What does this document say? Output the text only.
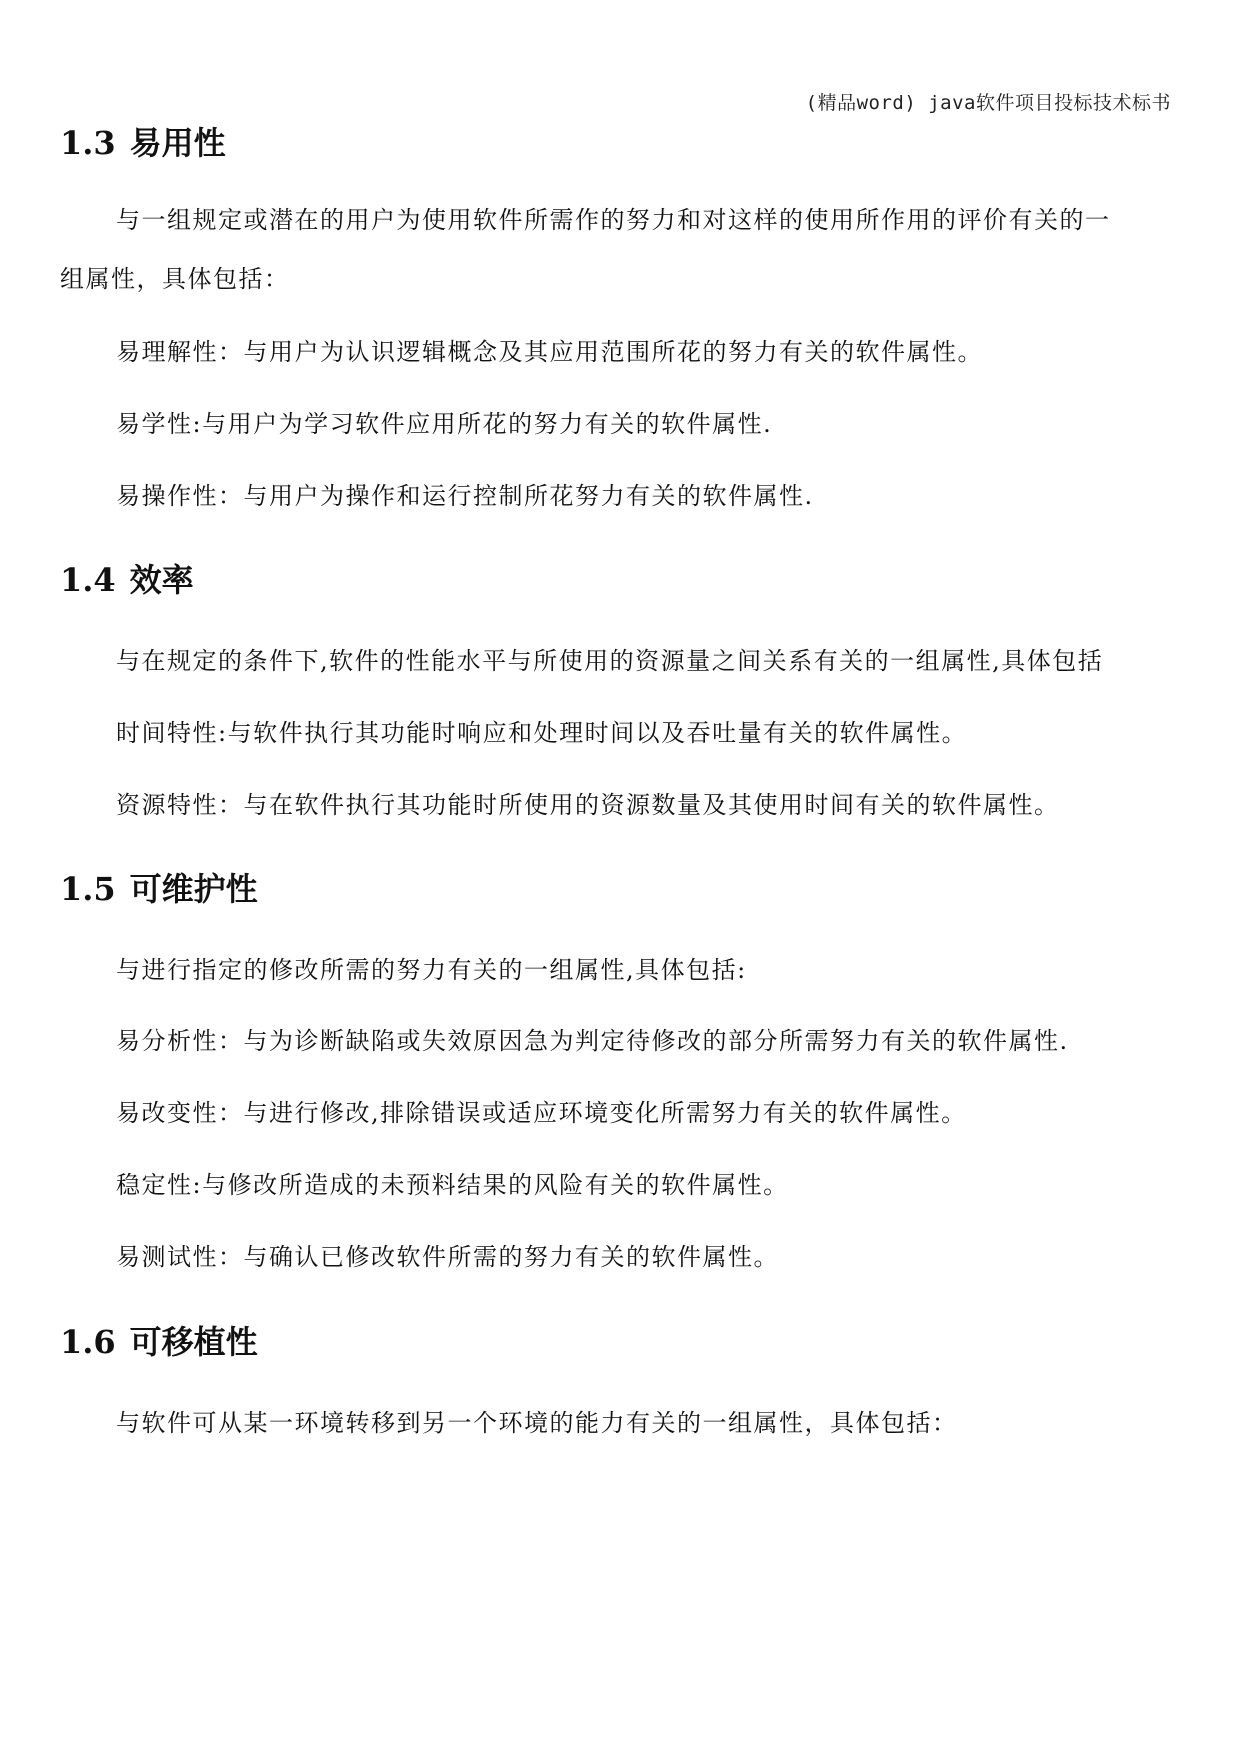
(精品word) java软件项目投标技术标书
1.3 易用性

与一组规定或潜在的用户为使用软件所需作的努力和对这样的使用所作用的评价有关的一

组属性，具体包括：

易理解性：与用户为认识逻辑概念及其应用范围所花的努力有关的软件属性。

易学性:与用户为学习软件应用所花的努力有关的软件属性.

易操作性：与用户为操作和运行控制所花努力有关的软件属性.

1.4 效率

与在规定的条件下,软件的性能水平与所使用的资源量之间关系有关的一组属性,具体包括

时间特性:与软件执行其功能时响应和处理时间以及吞吐量有关的软件属性。

资源特性：与在软件执行其功能时所使用的资源数量及其使用时间有关的软件属性。

1.5 可维护性

与进行指定的修改所需的努力有关的一组属性,具体包括:

易分析性：与为诊断缺陷或失效原因急为判定待修改的部分所需努力有关的软件属性.

易改变性：与进行修改,排除错误或适应环境变化所需努力有关的软件属性。

稳定性:与修改所造成的未预料结果的风险有关的软件属性。

易测试性：与确认已修改软件所需的努力有关的软件属性。

1.6 可移植性

与软件可从某一环境转移到另一个环境的能力有关的一组属性，具体包括：
